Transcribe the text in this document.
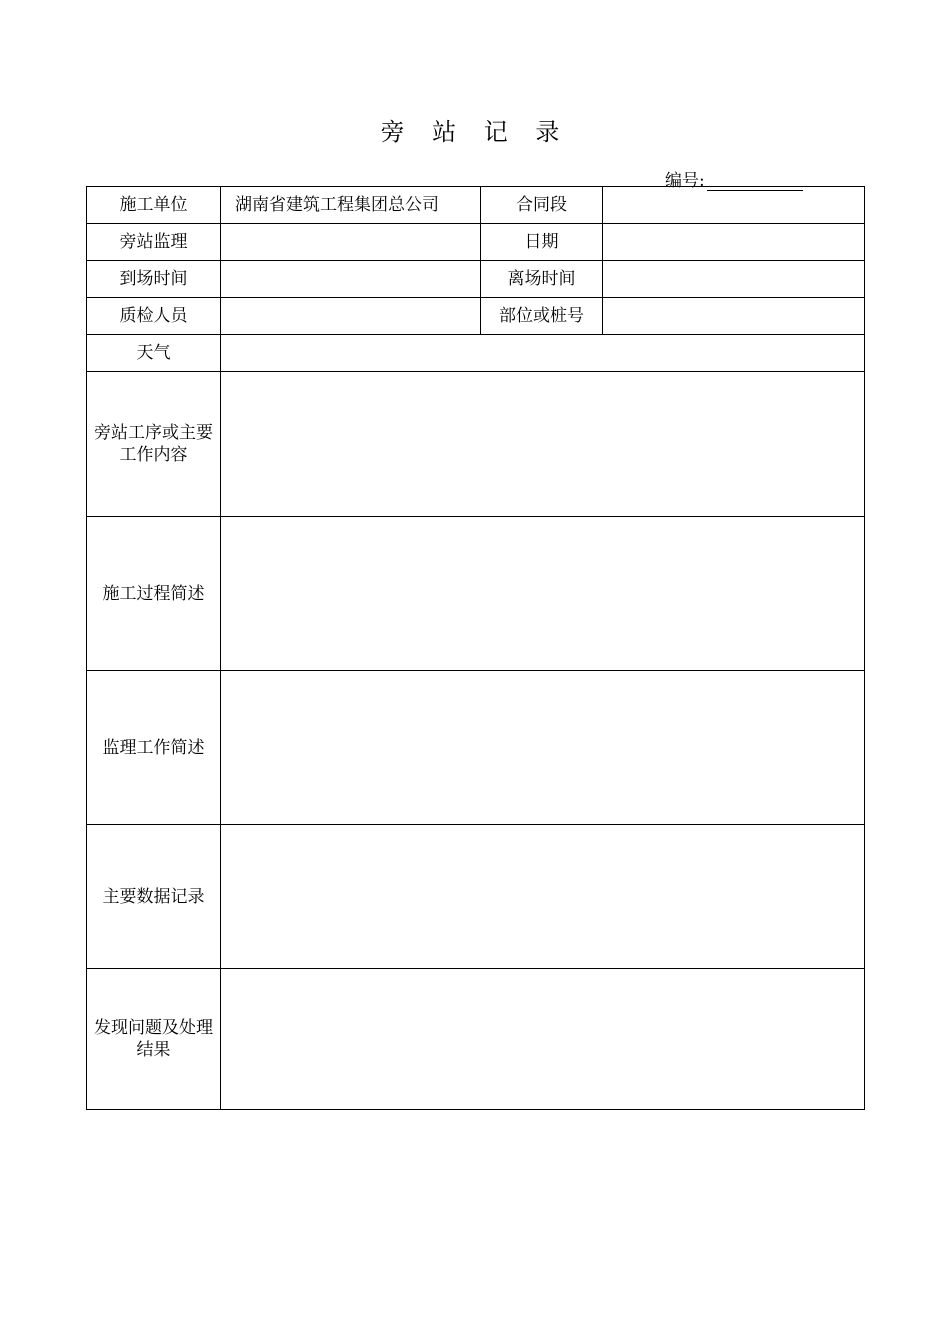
旁 站 记 录
编号:
施工单位	湖南省建筑工程集团总公司	合同段	
旁站监理		日期	
到场时间		离场时间	
质检人员		部位或桩号	
天气			
旁站工序或主要工作内容			
施工过程简述			
监理工作简述			
主要数据记录			
发现问题及处理结果			
